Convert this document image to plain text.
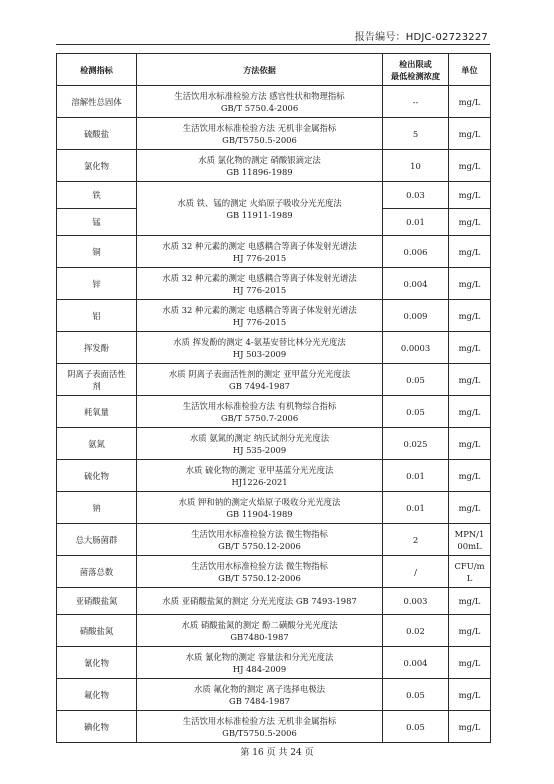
报告编号：HDJC-02723227
检测指标	方法依据	检出限或
最低检测浓度	单位
溶解性总固体	生活饮用水标准检验方法 感官性状和物理指标
GB/T 5750.4-2006	--	mg/L
硫酸盐	生活饮用水标准检验方法 无机非金属指标
GB/T5750.5-2006	5	mg/L
氯化物	水质 氯化物的测定 硝酸银滴定法
GB 11896-1989	10	mg/L
铁	水质 铁、锰的测定 火焰原子吸收分光光度法
GB 11911-1989	0.03	mg/L
锰		0.01	mg/L
铜	水质 32 种元素的测定 电感耦合等离子体发射光谱法
HJ 776-2015	0.006	mg/L
锌	水质 32 种元素的测定 电感耦合等离子体发射光谱法
HJ 776-2015	0.004	mg/L
铝	水质 32 种元素的测定 电感耦合等离子体发射光谱法
HJ 776-2015	0.009	mg/L
挥发酚	水质 挥发酚的测定 4-氨基安替比林分光光度法
HJ 503-2009	0.0003	mg/L
阴离子表面活性
剂	水质 阴离子表面活性剂的测定 亚甲蓝分光光度法
GB 7494-1987	0.05	mg/L
耗氧量	生活饮用水标准检验方法 有机物综合指标
GB/T 5750.7-2006	0.05	mg/L
氨氮	水质 氨氮的测定 纳氏试剂分光光度法
HJ 535-2009	0.025	mg/L
硫化物	水质 硫化物的测定 亚甲基蓝分光光度法
HJ1226-2021	0.01	mg/L
钠	水质 钾和钠的测定火焰原子吸收分光光度法
GB 11904-1989	0.01	mg/L
总大肠菌群	生活饮用水标准检验方法 微生物指标
GB/T 5750.12-2006	2	MPN/1
00mL
菌落总数	生活饮用水标准检验方法 微生物指标
GB/T 5750.12-2006	/	CFU/m
L
亚硝酸盐氮	水质 亚硝酸盐氮的测定 分光光度法 GB 7493-1987	0.003	mg/L
硝酸盐氮	水质 硝酸盐氮的测定 酚二磺酸分光光度法
GB7480-1987	0.02	mg/L
氰化物	水质 氰化物的测定 容量法和分光光度法
HJ 484-2009	0.004	mg/L
氟化物	水质 氟化物的测定 离子选择电极法
GB 7484-1987	0.05	mg/L
碘化物	生活饮用水标准检验方法 无机非金属指标
GB/T5750.5-2006	0.05	mg/L
第 16 页 共 24 页
